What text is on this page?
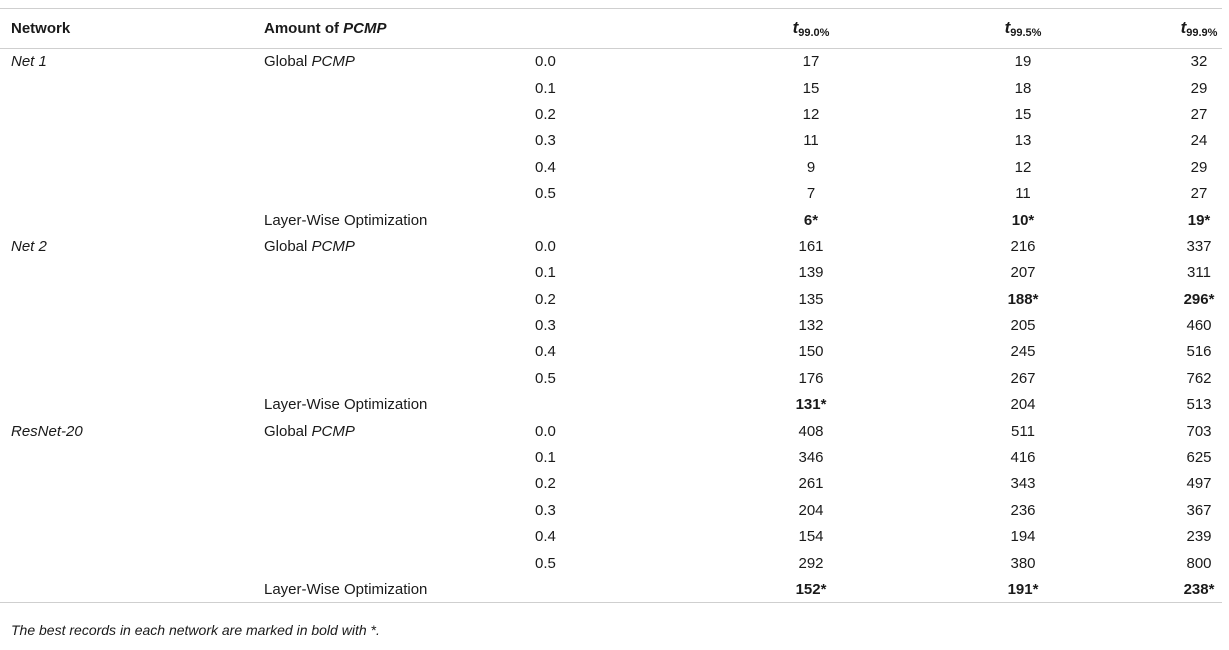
Network	Amount of PCMP		$t_{99.0\%}$	$t_{99.5\%}$	$t_{99.9\%}$
Net 1	Global PCMP	0.0	17	19	32
		0.1	15	18	29
		0.2	12	15	27
		0.3	11	13	24
		0.4	9	12	29
		0.5	7	11	27
	Layer-Wise Optimization		6*	10*	19*
Net 2	Global PCMP	0.0	161	216	337
		0.1	139	207	311
		0.2	135	188*	296*
		0.3	132	205	460
		0.4	150	245	516
		0.5	176	267	762
	Layer-Wise Optimization		131*	204	513
ResNet-20	Global PCMP	0.0	408	511	703
		0.1	346	416	625
		0.2	261	343	497
		0.3	204	236	367
		0.4	154	194	239
		0.5	292	380	800
	Layer-Wise Optimization		152*	191*	238*
The best records in each network are marked in bold with *.
